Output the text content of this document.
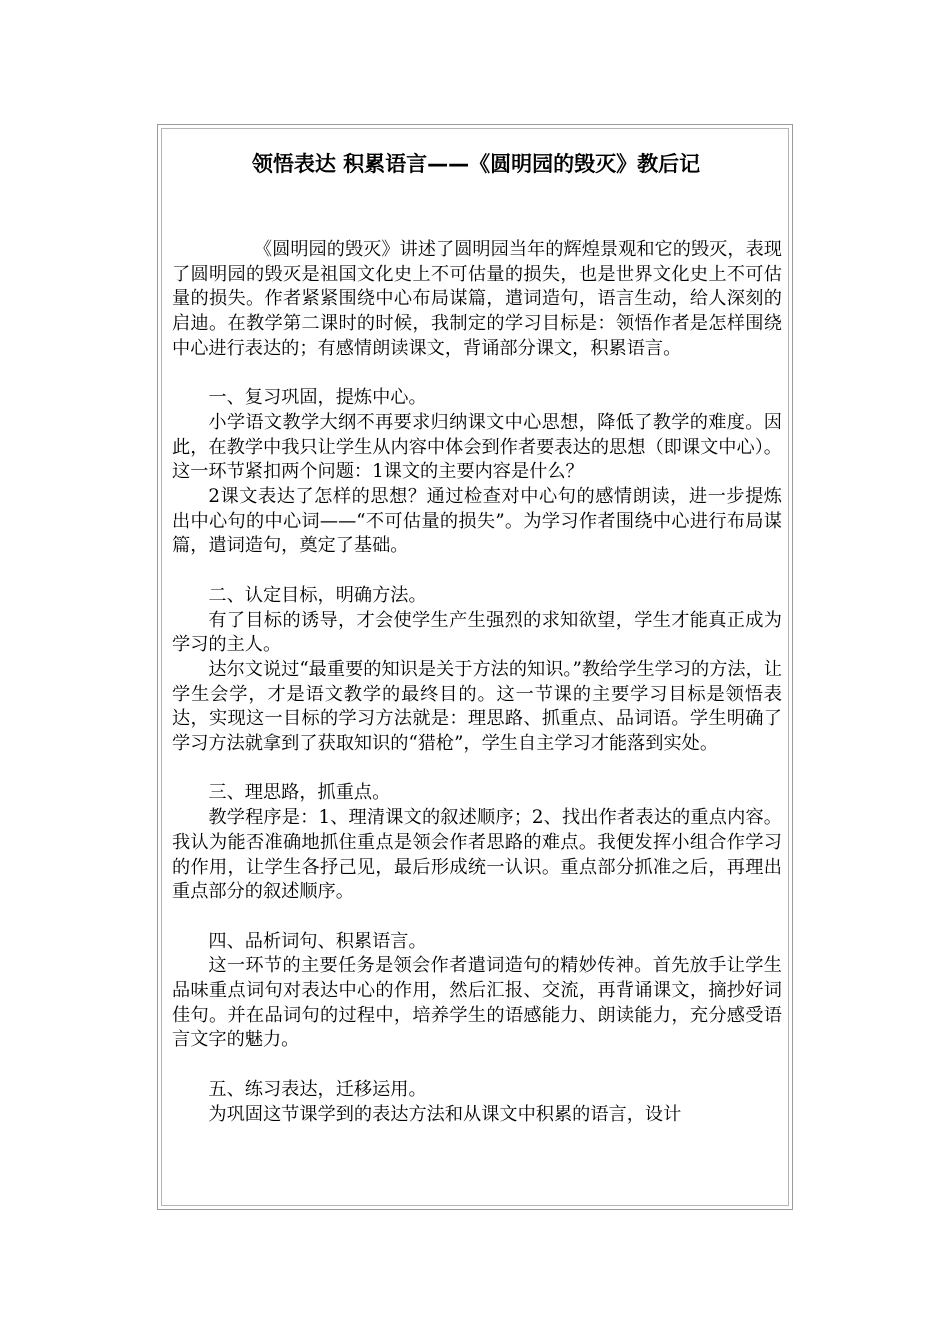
领悟表达 积累语言——《圆明园的毁灭》教后记

《圆明园的毁灭》讲述了圆明园当年的辉煌景观和它的毁灭，表现了圆明园的毁灭是祖国文化史上不可估量的损失，也是世界文化史上不可估量的损失。作者紧紧围绕中心布局谋篇，遣词造句，语言生动，给人深刻的启迪。在教学第二课时的时候，我制定的学习目标是：领悟作者是怎样围绕中心进行表达的；有感情朗读课文，背诵部分课文，积累语言。

一、复习巩固，提炼中心。

小学语文教学大纲不再要求归纳课文中心思想，降低了教学的难度。因此，在教学中我只让学生从内容中体会到作者要表达的思想（即课文中心）。这一环节紧扣两个问题：1课文的主要内容是什么？

2课文表达了怎样的思想？通过检查对中心句的感情朗读，进一步提炼出中心句的中心词——“不可估量的损失”。为学习作者围绕中心进行布局谋篇，遣词造句，奠定了基础。

二、认定目标，明确方法。

有了目标的诱导，才会使学生产生强烈的求知欲望，学生才能真正成为学习的主人。

达尔文说过“最重要的知识是关于方法的知识。”教给学生学习的方法，让学生会学，才是语文教学的最终目的。这一节课的主要学习目标是领悟表达，实现这一目标的学习方法就是：理思路、抓重点、品词语。学生明确了学习方法就拿到了获取知识的“猎枪”，学生自主学习才能落到实处。

三、理思路，抓重点。

教学程序是：1、理清课文的叙述顺序；2、找出作者表达的重点内容。我认为能否准确地抓住重点是领会作者思路的难点。我便发挥小组合作学习的作用，让学生各抒己见，最后形成统一认识。重点部分抓准之后，再理出重点部分的叙述顺序。

四、品析词句、积累语言。

这一环节的主要任务是领会作者遣词造句的精妙传神。首先放手让学生品味重点词句对表达中心的作用，然后汇报、交流，再背诵课文，摘抄好词佳句。并在品词句的过程中，培养学生的语感能力、朗读能力，充分感受语言文字的魅力。

五、练习表达，迁移运用。

为巩固这节课学到的表达方法和从课文中积累的语言，设计
